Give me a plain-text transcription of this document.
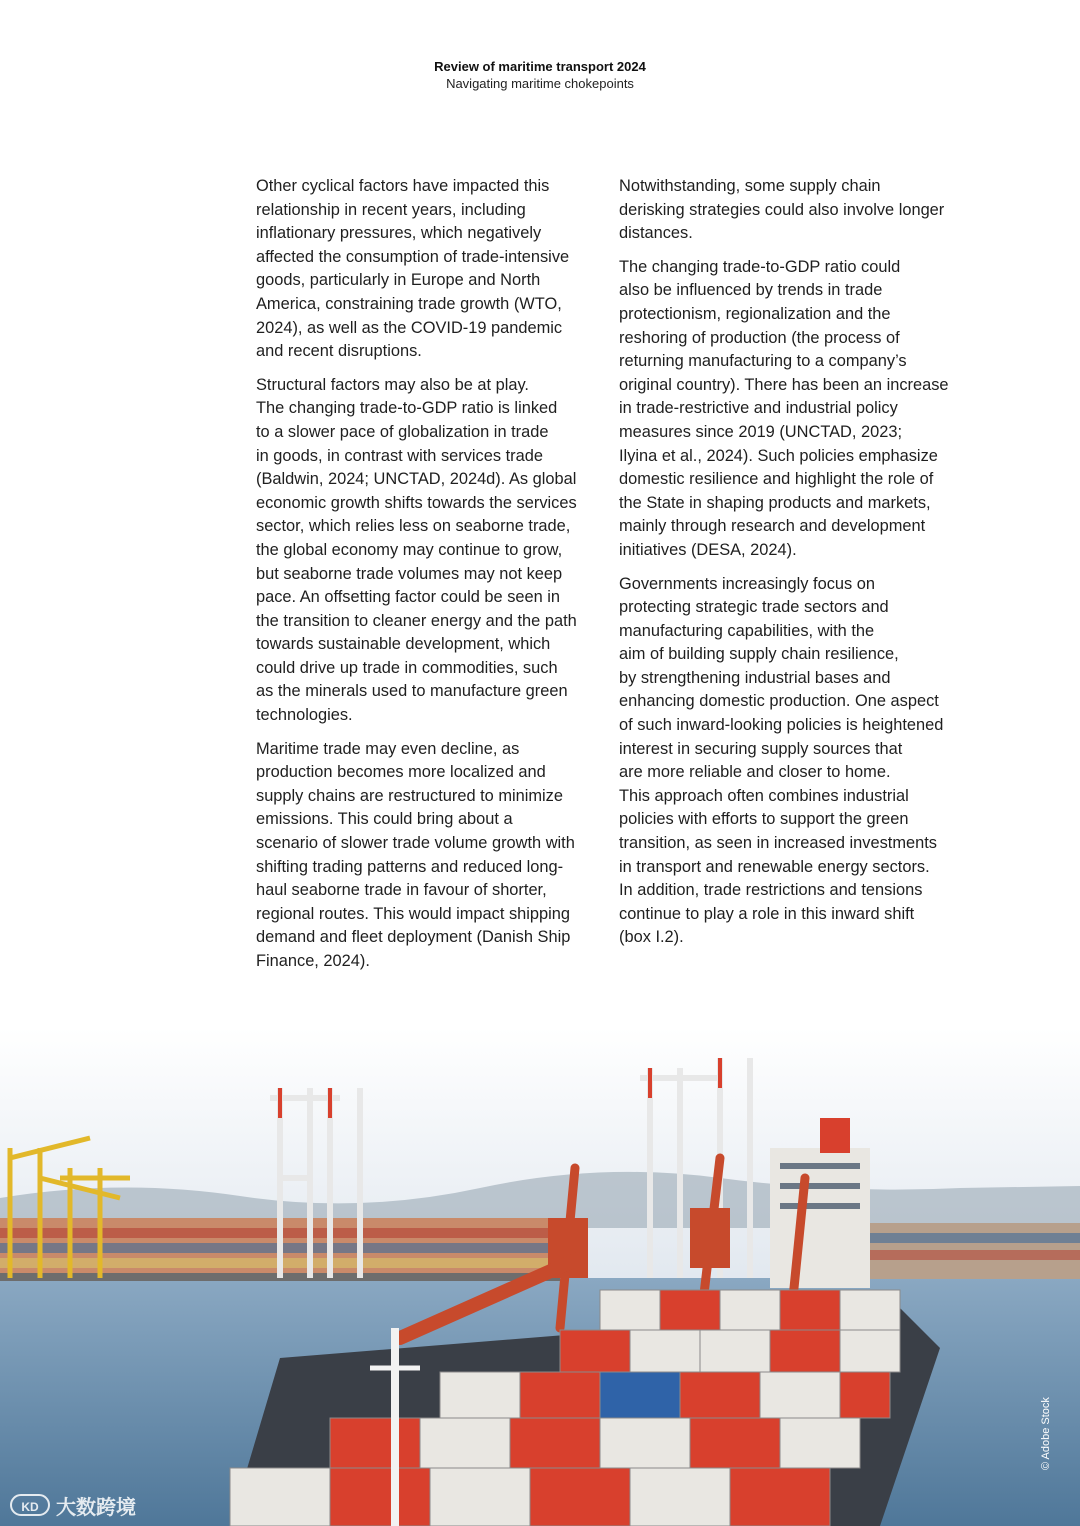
Review of maritime transport 2024
Navigating maritime chokepoints

Other cyclical factors have impacted this
relationship in recent years, including
inflationary pressures, which negatively
affected the consumption of trade-intensive
goods, particularly in Europe and North
America, constraining trade growth (WTO,
2024), as well as the COVID-19 pandemic
and recent disruptions.

Structural factors may also be at play.
The changing trade-to-GDP ratio is linked
to a slower pace of globalization in trade
in goods, in contrast with services trade
(Baldwin, 2024; UNCTAD, 2024d). As global
economic growth shifts towards the services
sector, which relies less on seaborne trade,
the global economy may continue to grow,
but seaborne trade volumes may not keep
pace. An offsetting factor could be seen in
the transition to cleaner energy and the path
towards sustainable development, which
could drive up trade in commodities, such
as the minerals used to manufacture green
technologies.

Maritime trade may even decline, as
production becomes more localized and
supply chains are restructured to minimize
emissions. This could bring about a
scenario of slower trade volume growth with
shifting trading patterns and reduced long-
haul seaborne trade in favour of shorter,
regional routes. This would impact shipping
demand and fleet deployment (Danish Ship
Finance, 2024).

Notwithstanding, some supply chain
derisking strategies could also involve longer
distances.

The changing trade-to-GDP ratio could
also be influenced by trends in trade
protectionism, regionalization and the
reshoring of production (the process of
returning manufacturing to a company’s
original country). There has been an increase
in trade-restrictive and industrial policy
measures since 2019 (UNCTAD, 2023;
Ilyina et al., 2024). Such policies emphasize
domestic resilience and highlight the role of
the State in shaping products and markets,
mainly through research and development
initiatives (DESA, 2024).

Governments increasingly focus on
protecting strategic trade sectors and
manufacturing capabilities, with the
aim of building supply chain resilience,
by strengthening industrial bases and
enhancing domestic production. One aspect
of such inward-looking policies is heightened
interest in securing supply sources that
are more reliable and closer to home.
This approach often combines industrial
policies with efforts to support the green
transition, as seen in increased investments
in transport and renewable energy sectors.
In addition, trade restrictions and tensions
continue to play a role in this inward shift
(box I.2).

KD 大数跨境
